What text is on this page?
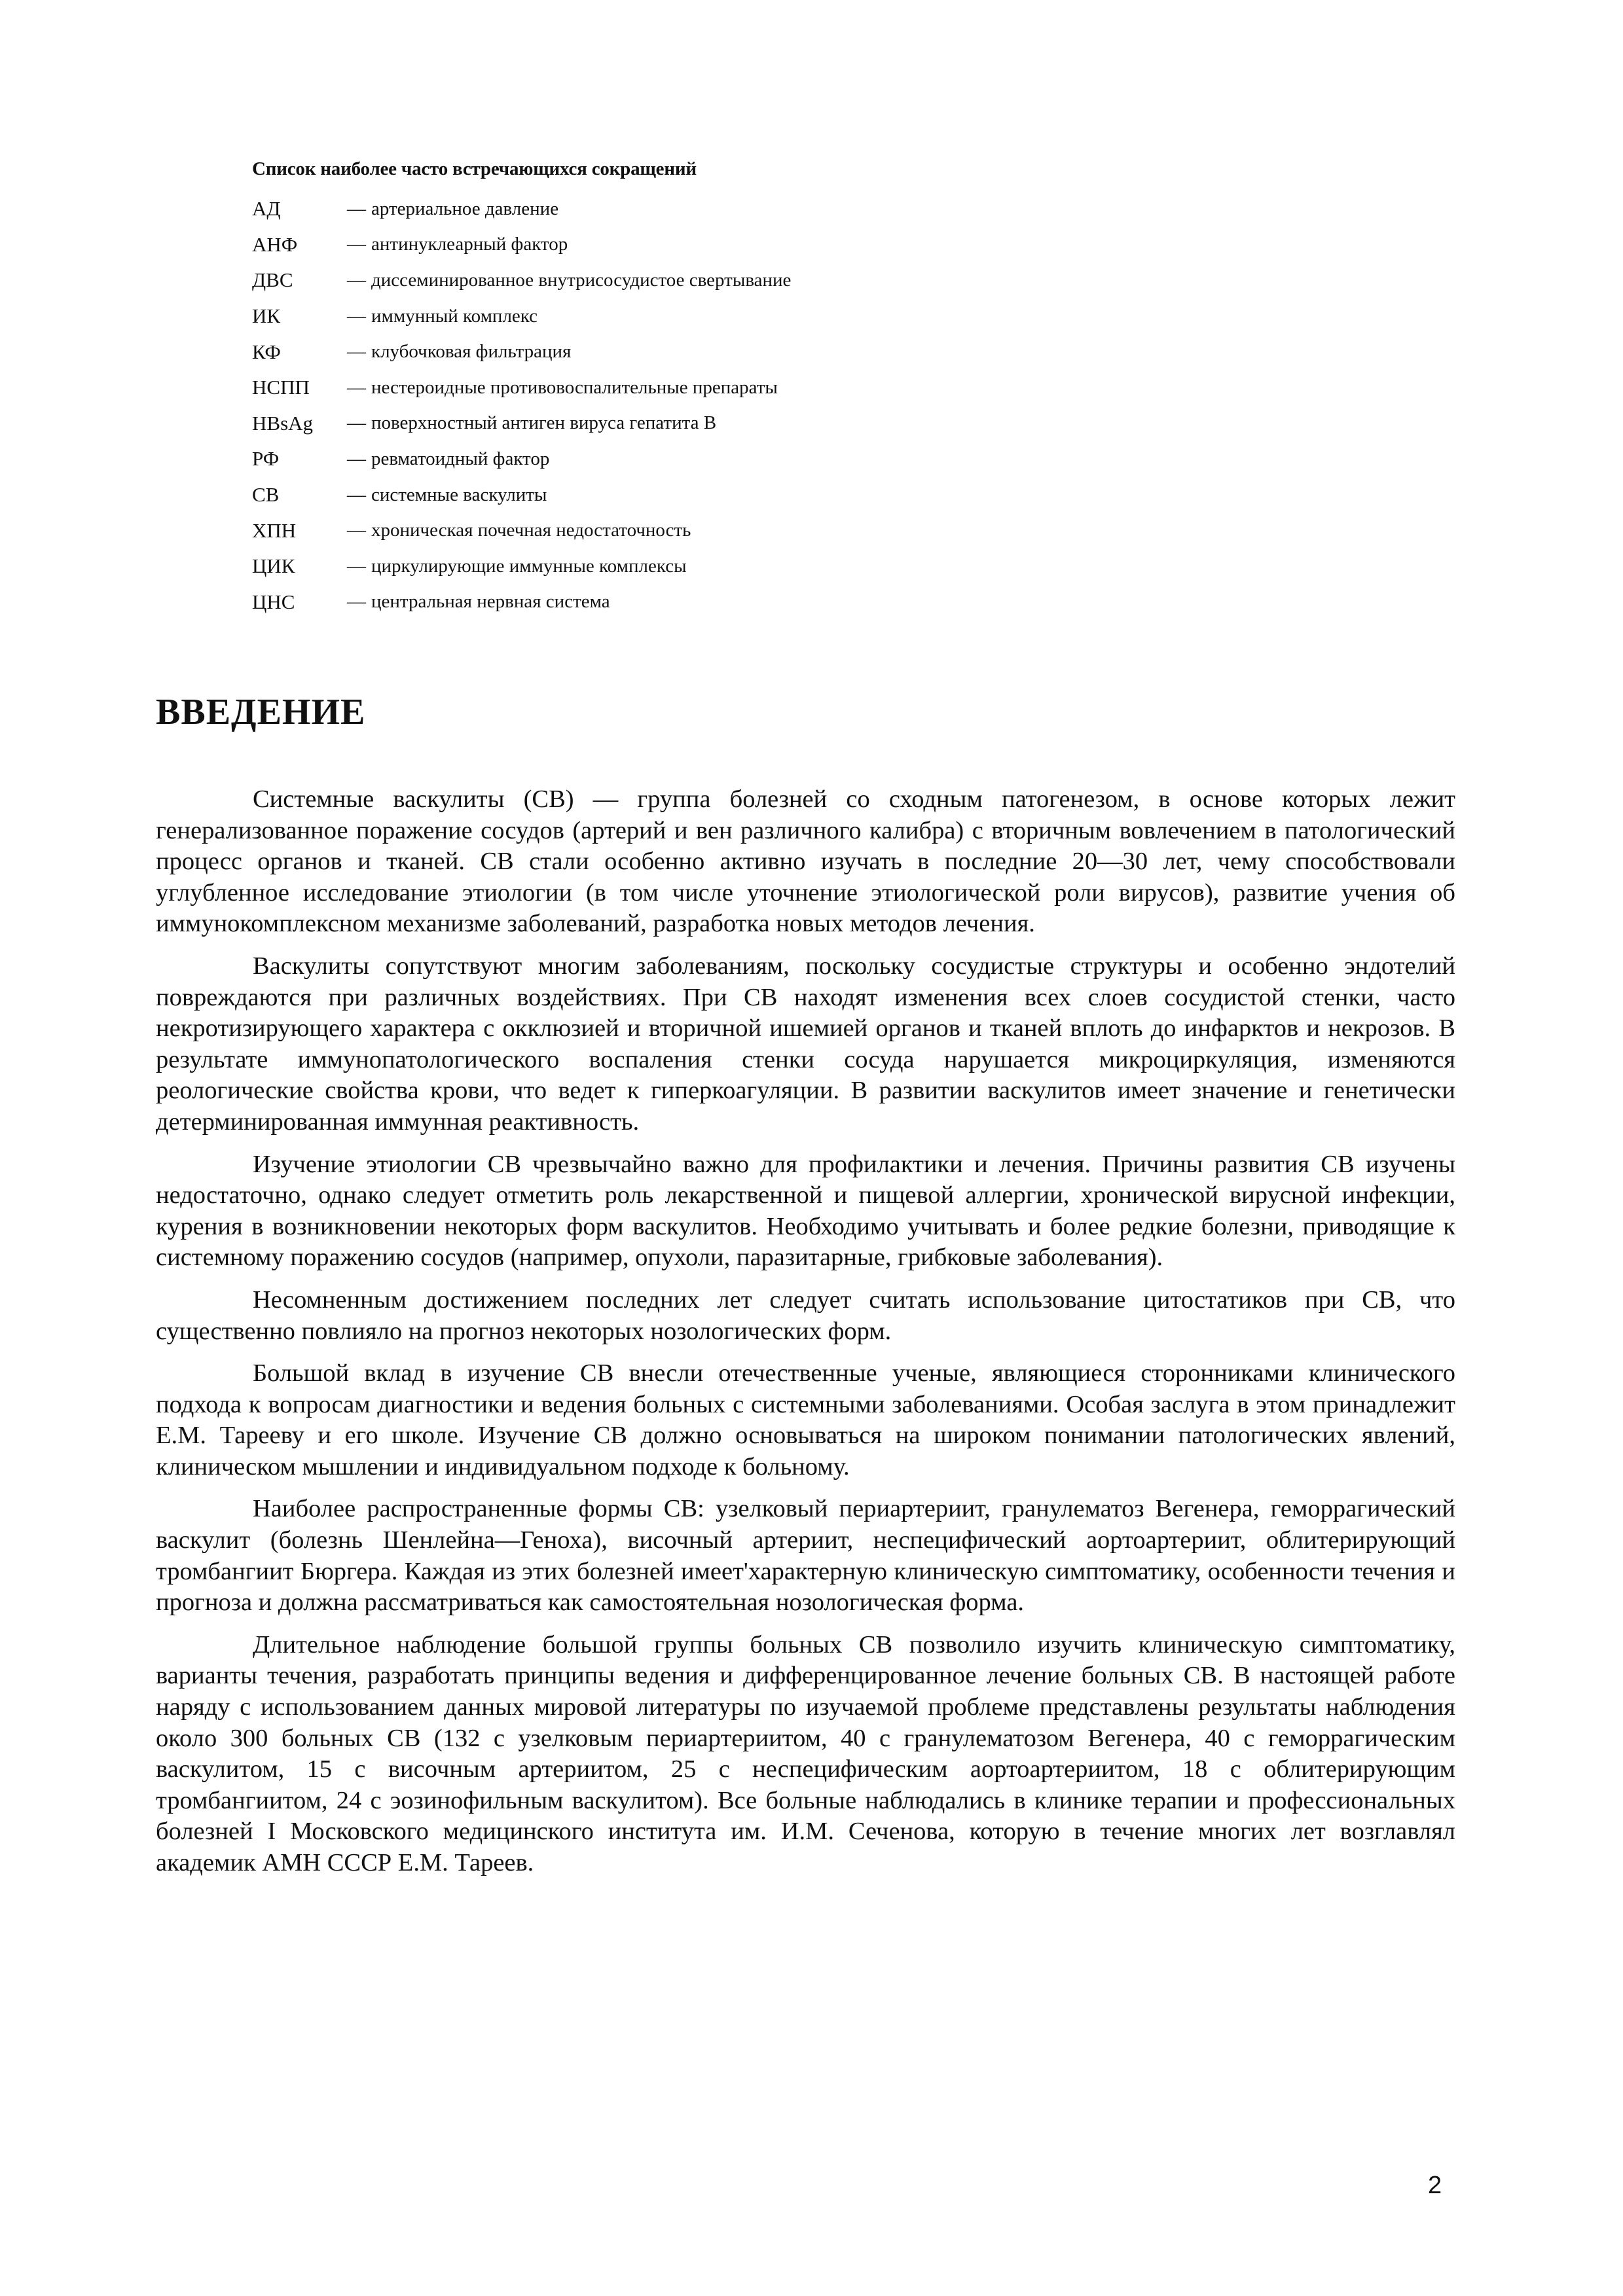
Список наиболее часто встречающихся сокращений
АД	— артериальное давление
АНФ	— антинуклеарный фактор
ДВС	— диссеминированное внутрисосудистое свертывание
ИК	— иммунный комплекс
КФ	— клубочковая фильтрация
НСПП	— нестероидные противовоспалительные препараты
HBsAg	— поверхностный антиген вируса гепатита В
РФ	— ревматоидный фактор
СВ	— системные васкулиты
ХПН	— хроническая почечная недостаточность
ЦИК	— циркулирующие иммунные комплексы
ЦНС	— центральная нервная система
ВВЕДЕНИЕ

Системные васкулиты (СВ) — группа болезней со сходным патогенезом, в основе которых лежит генерализованное поражение сосудов (артерий и вен различного калибра) с вторичным вовлечением в патологический процесс органов и тканей. СВ стали особенно активно изучать в последние 20—30 лет, чему способствовали углубленное исследование этиологии (в том числе уточнение этиологической роли вирусов), развитие учения об иммунокомплексном механизме заболеваний, разработка новых методов лечения.

Васкулиты сопутствуют многим заболеваниям, поскольку сосудистые структуры и особенно эндотелий повреждаются при различных воздействиях. При СВ находят изменения всех слоев сосудистой стенки, часто некротизирующего характера с окклюзией и вторичной ишемией органов и тканей вплоть до инфарктов и некрозов. В результате иммунопатологического воспаления стенки сосуда нарушается микроциркуляция, изменяются реологические свойства крови, что ведет к гиперкоагуляции. В развитии васкулитов имеет значение и генетически детерминированная иммунная реактивность.

Изучение этиологии СВ чрезвычайно важно для профилактики и лечения. Причины развития СВ изучены недостаточно, однако следует отметить роль лекарственной и пищевой аллергии, хронической вирусной инфекции, курения в возникновении некоторых форм васкулитов. Необходимо учитывать и более редкие болезни, приводящие к системному поражению сосудов (например, опухоли, паразитарные, грибковые заболевания).

Несомненным достижением последних лет следует считать использование цитостатиков при СВ, что существенно повлияло на прогноз некоторых нозологических форм.

Большой вклад в изучение СВ внесли отечественные ученые, являющиеся сторонниками клинического подхода к вопросам диагностики и ведения больных с системными заболеваниями. Особая заслуга в этом принадлежит Е.М. Тарееву и его школе. Изучение СВ должно основываться на широком понимании патологических явлений, клиническом мышлении и индивидуальном подходе к больному.

Наиболее распространенные формы СВ: узелковый периартериит, гранулематоз Вегенера, геморрагический васкулит (болезнь Шенлейна—Геноха), височный артериит, неспецифический аортоартериит, облитерирующий тромбангиит Бюргера. Каждая из этих болезней имеет'характерную клиническую симптоматику, особенности течения и прогноза и должна рассматриваться как самостоятельная нозологическая форма.

Длительное наблюдение большой группы больных СВ позволило изучить клиническую симптоматику, варианты течения, разработать принципы ведения и дифференцированное лечение больных СВ. В настоящей работе наряду с использованием данных мировой литературы по изучаемой проблеме представлены результаты наблюдения около 300 больных СВ (132 с узелковым периартериитом, 40 с гранулематозом Вегенера, 40 с геморрагическим васкулитом, 15 с височным артериитом, 25 с неспецифическим аортоартериитом, 18 с облитерирующим тромбангиитом, 24 с эозинофильным васкулитом). Все больные наблюдались в клинике терапии и профессиональных болезней I Московского медицинского института им. И.М. Сеченова, которую в течение многих лет возглавлял академик АМН СССР Е.М. Тареев.

2
